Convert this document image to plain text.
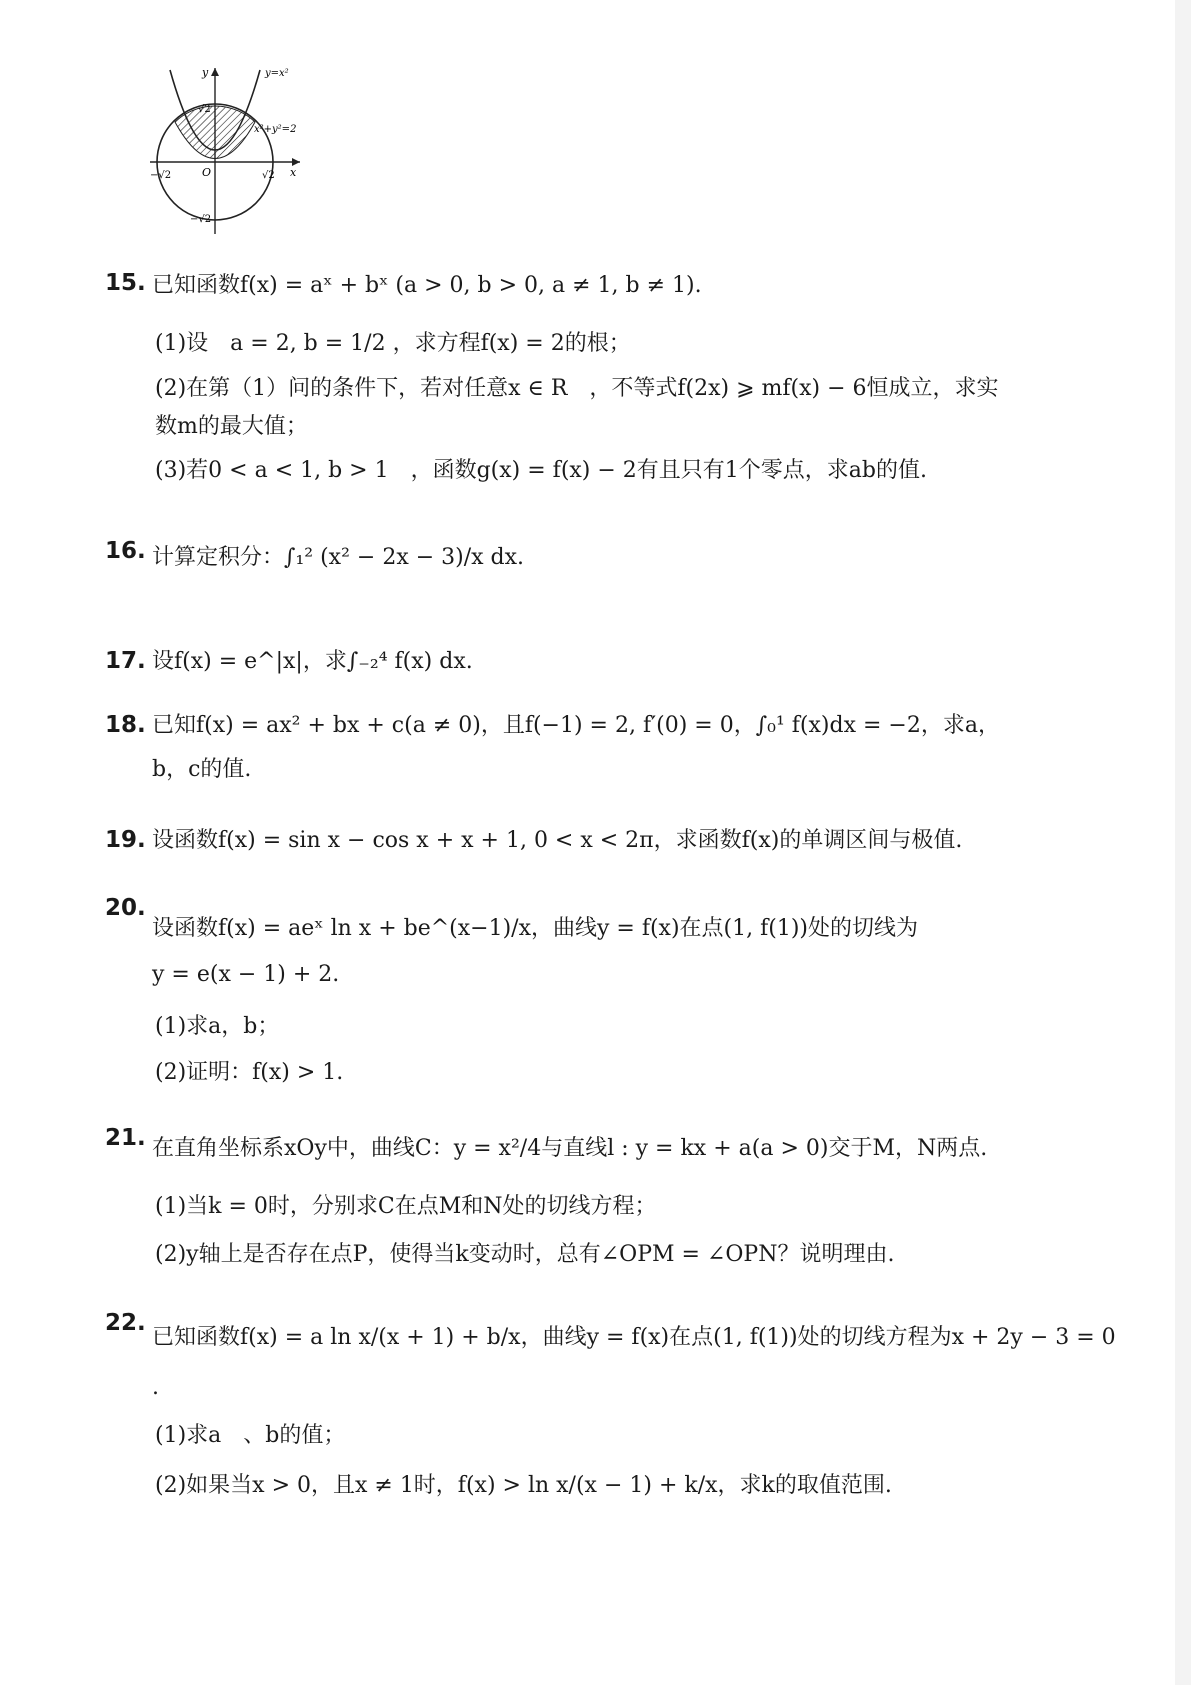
y
x
O
y=x²
x²+y²=2
√2
−√2	√2
−√2
15. 已知函数f(x) = aˣ + bˣ (a > 0, b > 0, a ≠ 1, b ≠ 1).
(1)设　a = 2, b = 1/2 ，求方程f(x) = 2的根；
(2)在第（1）问的条件下，若对任意x ∈ R　，不等式f(2x) ⩾ mf(x) − 6恒成立，求实
数m的最大值；
(3)若0 < a < 1, b > 1　，函数g(x) = f(x) − 2有且只有1个零点，求ab的值.
16. 计算定积分：∫₁² (x² − 2x − 3)/x dx.
17. 设f(x) = e^|x|，求∫₋₂⁴ f(x) dx.
18. 已知f(x) = ax² + bx + c(a ≠ 0)，且f(−1) = 2, f′(0) = 0，∫₀¹ f(x)dx = −2，求a，
b，c的值.
19. 设函数f(x) = sin x − cos x + x + 1, 0 < x < 2π，求函数f(x)的单调区间与极值.
20.
设函数f(x) = aeˣ ln x + be^(x−1)/x，曲线y = f(x)在点(1, f(1))处的切线为
y = e(x − 1) + 2.
(1)求a，b；
(2)证明：f(x) > 1.
21. 在直角坐标系xOy中，曲线C：y = x²/4与直线l : y = kx + a(a > 0)交于M，N两点.
(1)当k = 0时，分别求C在点M和N处的切线方程；
(2)y轴上是否存在点P，使得当k变动时，总有∠OPM = ∠OPN？说明理由.
22.
已知函数f(x) = a ln x/(x + 1) + b/x，曲线y = f(x)在点(1, f(1))处的切线方程为x + 2y − 3 = 0
.
(1)求a　、b的值；
(2)如果当x > 0，且x ≠ 1时，f(x) > ln x/(x − 1) + k/x，求k的取值范围.
